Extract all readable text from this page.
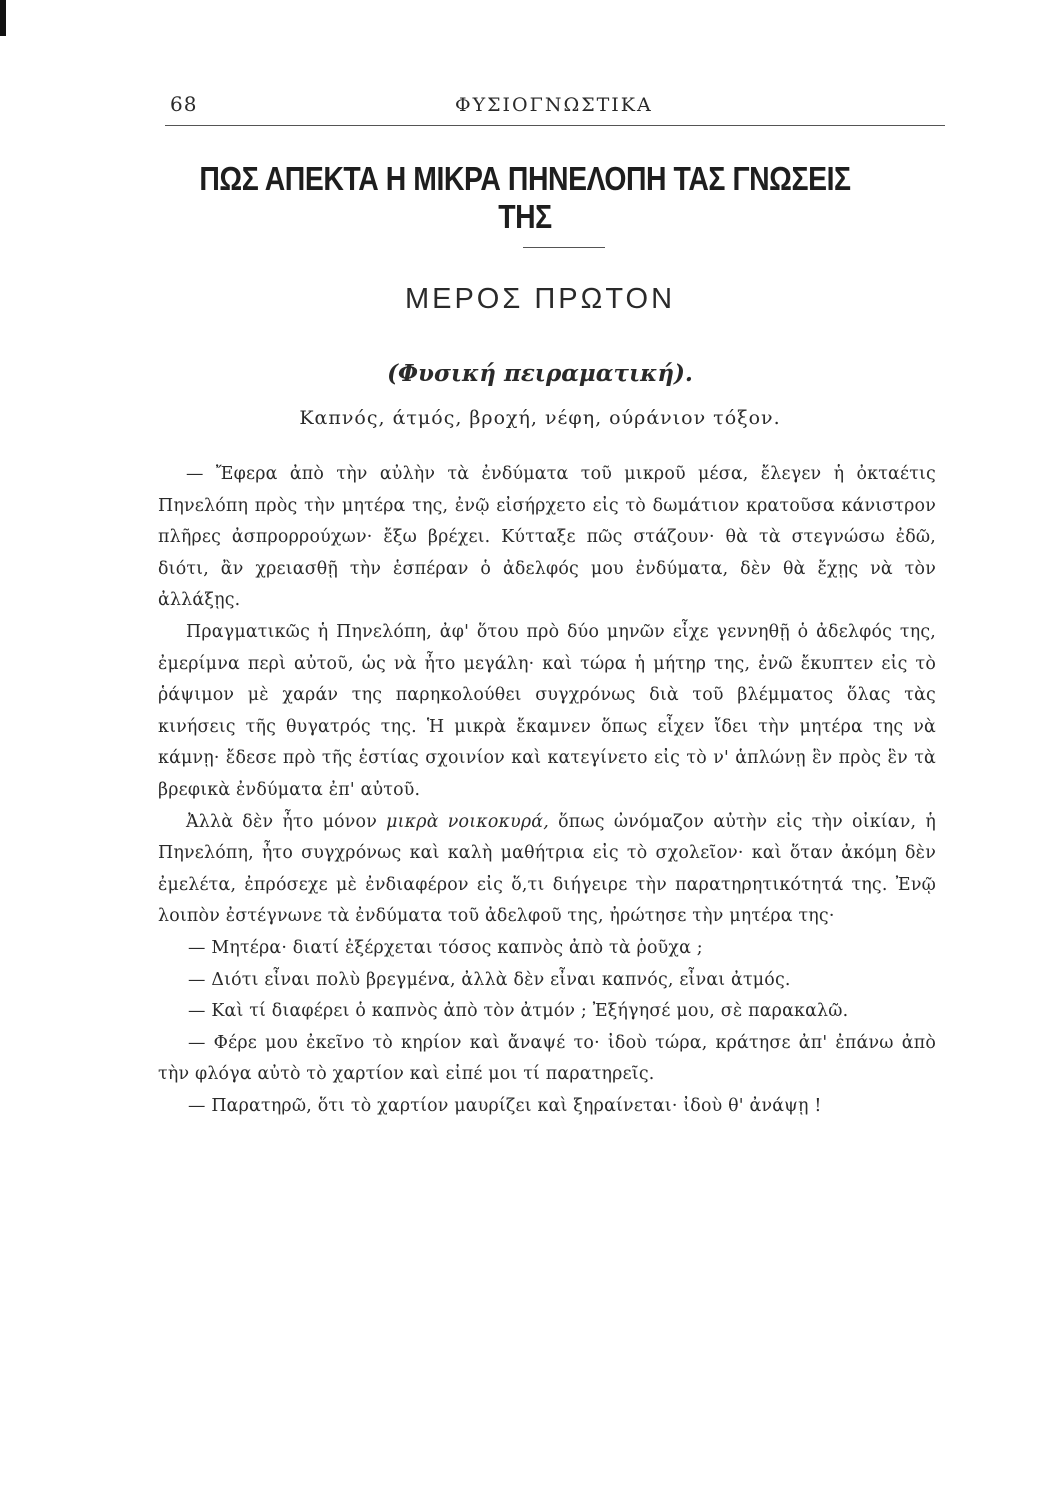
68	ΦΥΣΙΟΓΝΩΣΤΙΚΑ
ΠΩΣ ΑΠΕΚΤΑ Η ΜΙΚΡΑ ΠΗΝΕΛΟΠΗ ΤΑΣ ΓΝΩΣΕΙΣ ΤΗΣ
ΜΕΡΟΣ ΠΡΩΤΟΝ
(Φυσική πειραματική).
Καπνός, άτμός, βροχή, νέφη, ούράνιον τόξον.

— Ἔφερα ἀπὸ τὴν αὐλὴν τὰ ἐνδύματα τοῦ μικροῦ μέσα, ἔλεγεν ἡ ὀκταέτις Πηνελόπη πρὸς τὴν μητέρα της, ἐνῷ εἰσήρχετο εἰς τὸ δωμάτιον κρατοῦσα κάνιστρον πλῆρες ἀσπρορρούχων· ἔξω βρέχει. Κύτταξε πῶς στάζουν· θὰ τὰ στεγνώσω ἐδῶ, διότι, ἂν χρειασθῇ τὴν ἑσπέραν ὁ ἀδελφός μου ἐνδύματα, δὲν θὰ ἔχῃς νὰ τὸν ἀλλάξῃς.

Πραγματικῶς ἡ Πηνελόπη, ἀφ' ὅτου πρὸ δύο μηνῶν εἶχε γεννηθῇ ὁ ἀδελφός της, ἐμερίμνα περὶ αὐτοῦ, ὡς νὰ ἦτο μεγάλη· καὶ τώρα ἡ μήτηρ της, ἐνῶ ἔκυπτεν εἰς τὸ ῥάψιμον μὲ χαράν της παρηκολούθει συγχρόνως διὰ τοῦ βλέμματος ὅλας τὰς κινήσεις τῆς θυγατρός της. Ἡ μικρὰ ἔκαμνεν ὅπως εἶχεν ἴδει τὴν μητέρα της νὰ κάμνῃ· ἔδεσε πρὸ τῆς ἑστίας σχοινίον καὶ κατεγίνετο εἰς τὸ ν' ἁπλώνῃ ἓν πρὸς ἓν τὰ βρεφικὰ ἐνδύματα ἐπ' αὐτοῦ.

Ἀλλὰ δὲν ἦτο μόνον μικρὰ νοικοκυρά, ὅπως ὠνόμαζον αὐτὴν εἰς τὴν οἰκίαν, ἡ Πηνελόπη, ἦτο συγχρόνως καὶ καλὴ μαθήτρια εἰς τὸ σχολεῖον· καὶ ὅταν ἀκόμη δὲν ἐμελέτα, ἐπρόσεχε μὲ ἐνδιαφέρον εἰς ὅ,τι διήγειρε τὴν παρατηρητικότητά της. Ἐνῷ λοιπὸν ἐστέγνωνε τὰ ἐνδύματα τοῦ ἀδελφοῦ της, ἠρώτησε τὴν μητέρα της·

— Μητέρα· διατί ἐξέρχεται τόσος καπνὸς ἀπὸ τὰ ῥοῦχα ;

— Διότι εἶναι πολὺ βρεγμένα, ἀλλὰ δὲν εἶναι καπνός, εἶναι ἀτμός.

— Καὶ τί διαφέρει ὁ καπνὸς ἀπὸ τὸν ἀτμόν ; Ἐξήγησέ μου, σὲ παρακαλῶ.

— Φέρε μου ἐκεῖνο τὸ κηρίον καὶ ἄναψέ το· ἰδοὺ τώρα, κράτησε ἀπ' ἐπάνω ἀπὸ τὴν φλόγα αὐτὸ τὸ χαρτίον καὶ εἰπέ μοι τί παρατηρεῖς.

— Παρατηρῶ, ὅτι τὸ χαρτίον μαυρίζει καὶ ξηραίνεται· ἰδοὺ θ' ἀνάψῃ !
